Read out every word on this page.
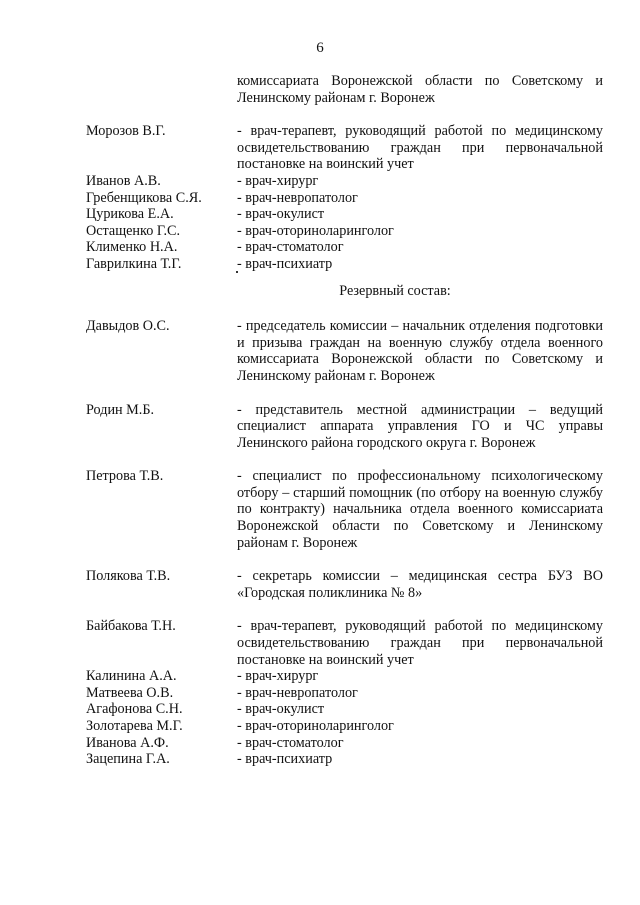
6
комиссариата Воронежской области по Советскому и Ленинскому районам г. Воронеж
Морозов В.Г.	- врач-терапевт, руководящий работой по медицинскому освидетельствованию граждан при первоначальной постановке на воинский учет
Иванов А.В.	- врач-хирург
Гребенщикова С.Я.	- врач-невропатолог
Цурикова Е.А.	- врач-окулист
Остащенко Г.С.	- врач-оториноларинголог
Клименко Н.А.	- врач-стоматолог
Гаврилкина Т.Г.	- врач-психиатр
Резервный состав:
Давыдов О.С.	- председатель комиссии – начальник отделения подготовки и призыва граждан на военную службу отдела военного комиссариата Воронежской области по Советскому и Ленинскому районам г. Воронеж
Родин М.Б.	- представитель местной администрации – ведущий специалист аппарата управления ГО и ЧС управы Ленинского района городского округа г. Воронеж
Петрова Т.В.	- специалист по профессиональному психологическому отбору – старший помощник (по отбору на военную службу по контракту) начальника отдела военного комиссариата Воронежской области по Советскому и Ленинскому районам г. Воронеж
Полякова Т.В.	- секретарь комиссии – медицинская сестра БУЗ ВО «Городская поликлиника № 8»
Байбакова Т.Н.	- врач-терапевт, руководящий работой по медицинскому освидетельствованию граждан при первоначальной постановке на воинский учет
Калинина А.А.	- врач-хирург
Матвеева О.В.	- врач-невропатолог
Агафонова С.Н.	- врач-окулист
Золотарева М.Г.	- врач-оториноларинголог
Иванова А.Ф.	- врач-стоматолог
Зацепина Г.А.	- врач-психиатр
